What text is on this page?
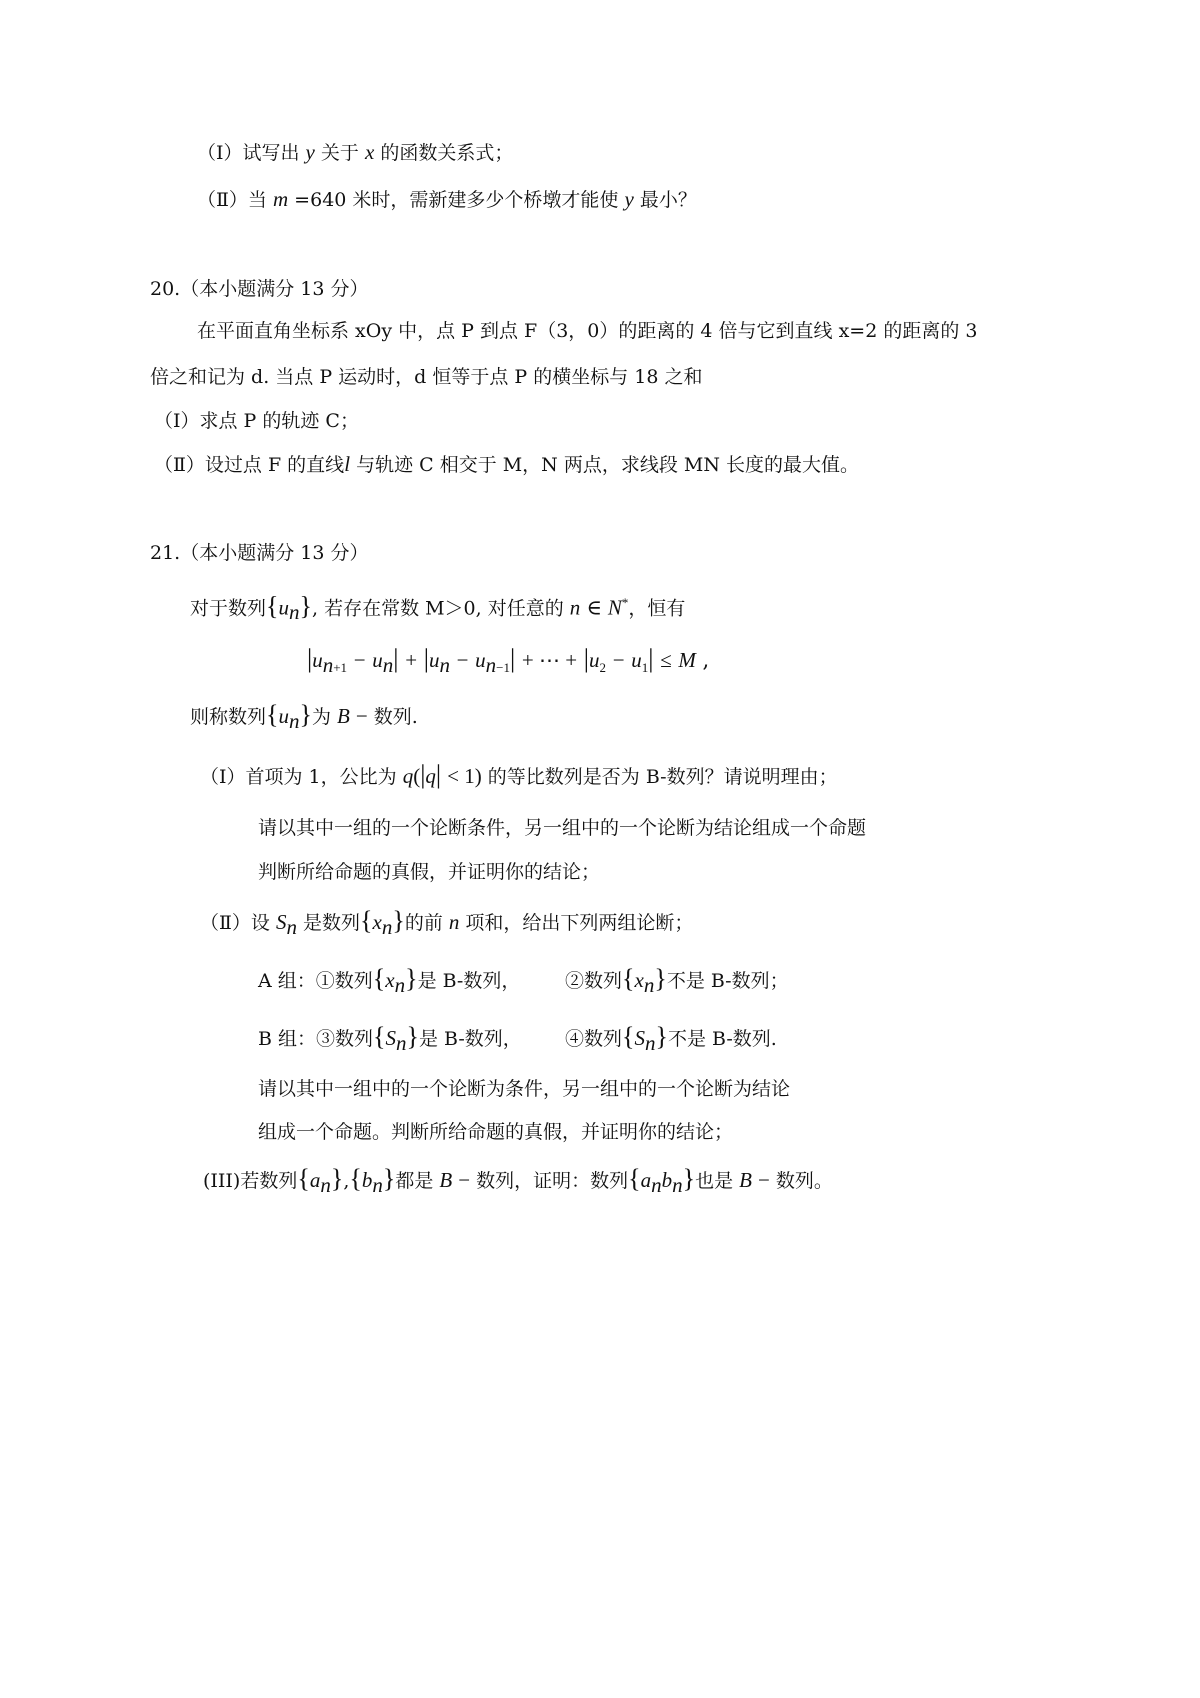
（Ⅰ）试写出 y 关于 x 的函数关系式；
（Ⅱ）当 m =640 米时，需新建多少个桥墩才能使 y 最小？
20.（本小题满分 13 分）
在平面直角坐标系 xOy 中，点 P 到点 F（3，0）的距离的 4 倍与它到直线 x=2 的距离的 3
倍之和记为 d. 当点 P 运动时，d 恒等于点 P 的横坐标与 18 之和
（Ⅰ）求点 P 的轨迹 C；
（Ⅱ）设过点 F 的直线l 与轨迹 C 相交于 M，N 两点，求线段 MN 长度的最大值。
21.（本小题满分 13 分）
对于数列$\{u_n\}$, 若存在常数 M＞0, 对任意的 n ∈ N*，恒有
$|u_{n+1} - u_n| + |u_n - u_{n-1}|$ + ⋯ + $|u_2 - u_1| \le M$ ,
则称数列$\{u_n\}$为 B − 数列.
（Ⅰ）首项为 1，公比为 q(|q| < 1) 的等比数列是否为 B-数列？请说明理由；
请以其中一组的一个论断条件，另一组中的一个论断为结论组成一个命题
判断所给命题的真假，并证明你的结论；
（Ⅱ）设 $S_n$ 是数列$\{x_n\}$的前 n 项和，给出下列两组论断；
A 组：①数列$\{x_n\}$是 B-数列， ②数列$\{x_n\}$不是 B-数列；
B 组：③数列$\{S_n\}$是 B-数列， ④数列$\{S_n\}$不是 B-数列.
请以其中一组中的一个论断为条件，另一组中的一个论断为结论
组成一个命题。判断所给命题的真假，并证明你的结论；
(III)若数列$\{a_n\},\{b_n\}$都是 B − 数列，证明：数列$\{a_nb_n\}$也是 B − 数列。
